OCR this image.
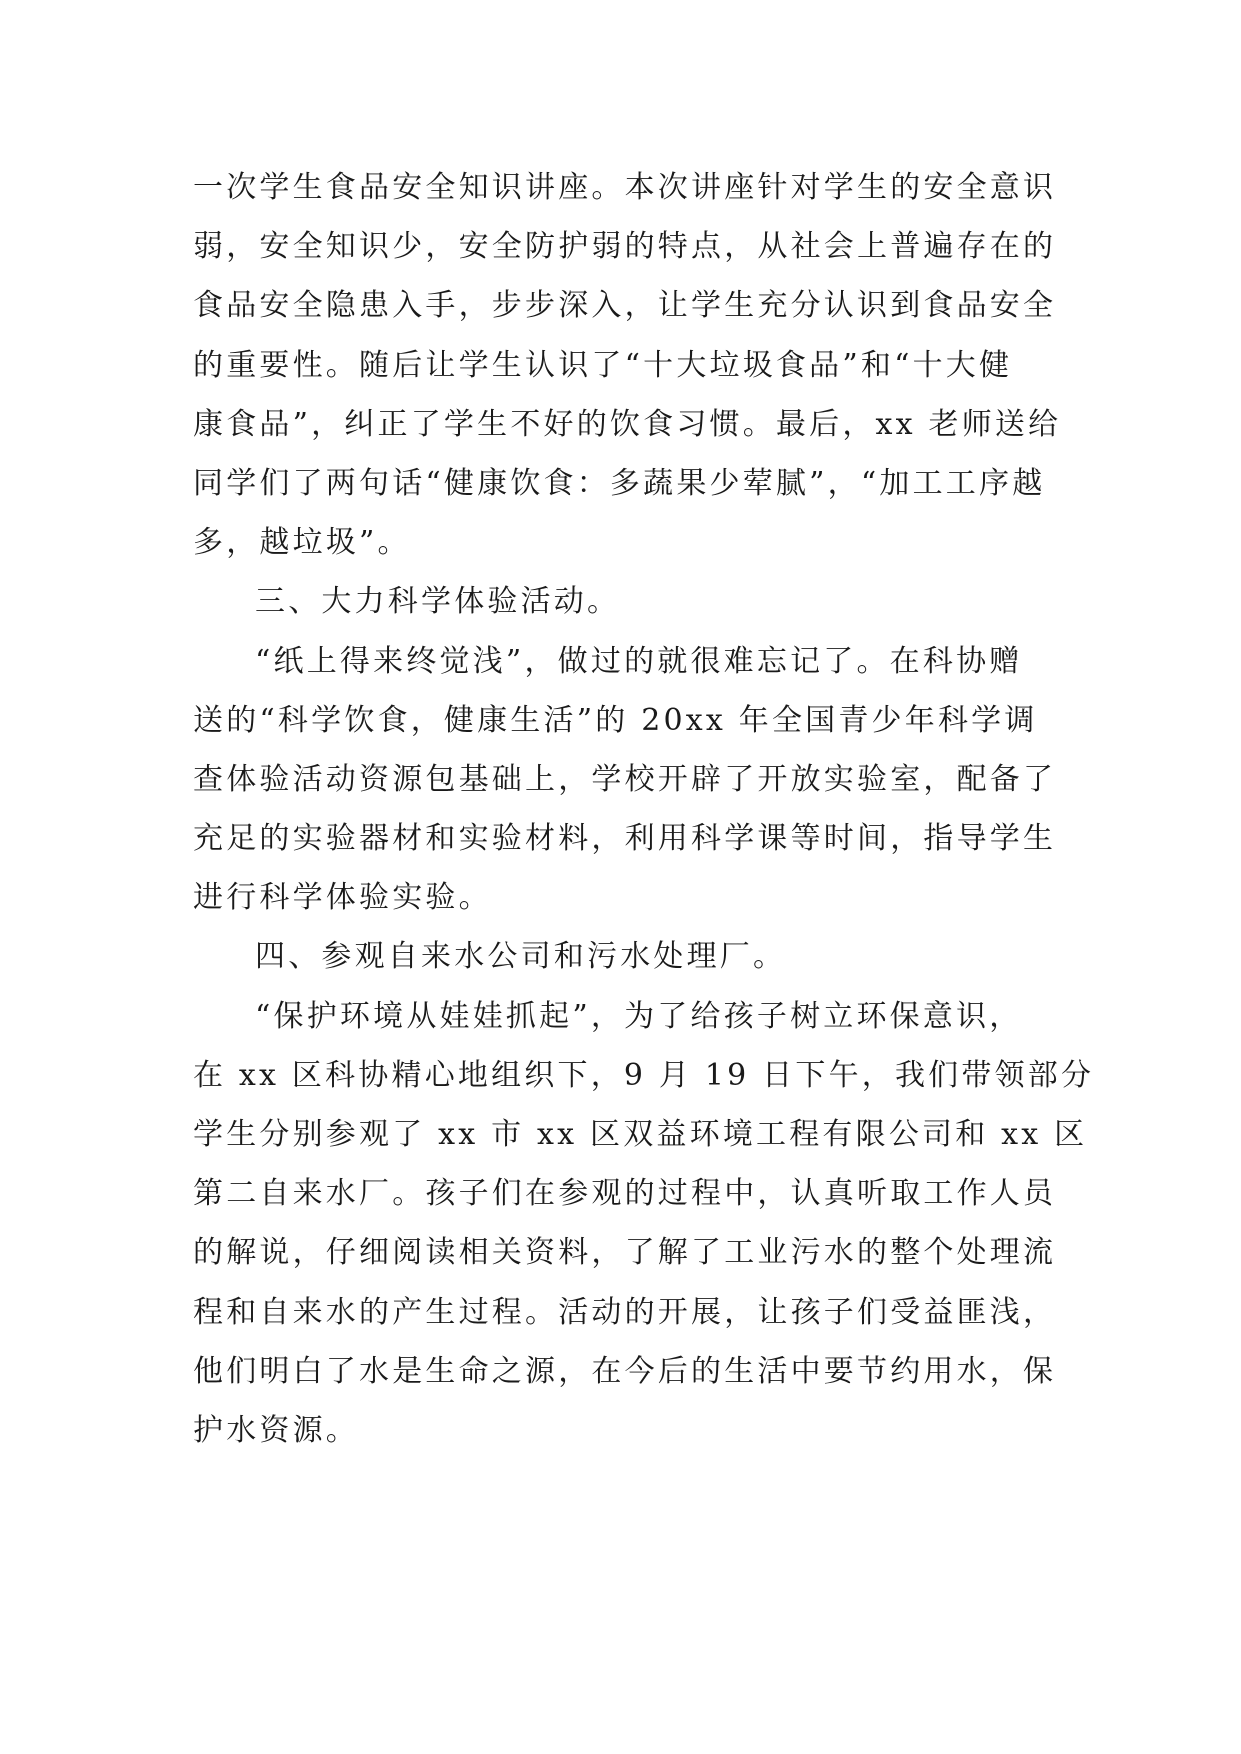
一次学生食品安全知识讲座。本次讲座针对学生的安全意识
弱，安全知识少，安全防护弱的特点，从社会上普遍存在的
食品安全隐患入手，步步深入，让学生充分认识到食品安全
的重要性。随后让学生认识了“十大垃圾食品”和“十大健
康食品”，纠正了学生不好的饮食习惯。最后，xx 老师送给
同学们了两句话“健康饮食：多蔬果少荤腻”，“加工工序越
多，越垃圾”。
三、大力科学体验活动。
“纸上得来终觉浅”，做过的就很难忘记了。在科协赠
送的“科学饮食，健康生活”的 20xx 年全国青少年科学调
查体验活动资源包基础上，学校开辟了开放实验室，配备了
充足的实验器材和实验材料，利用科学课等时间，指导学生
进行科学体验实验。
四、参观自来水公司和污水处理厂。
“保护环境从娃娃抓起”，为了给孩子树立环保意识，
在 xx 区科协精心地组织下，9 月 19 日下午，我们带领部分
学生分别参观了 xx 市 xx 区双益环境工程有限公司和 xx 区
第二自来水厂。孩子们在参观的过程中，认真听取工作人员
的解说，仔细阅读相关资料，了解了工业污水的整个处理流
程和自来水的产生过程。活动的开展，让孩子们受益匪浅，
他们明白了水是生命之源，在今后的生活中要节约用水，保
护水资源。
